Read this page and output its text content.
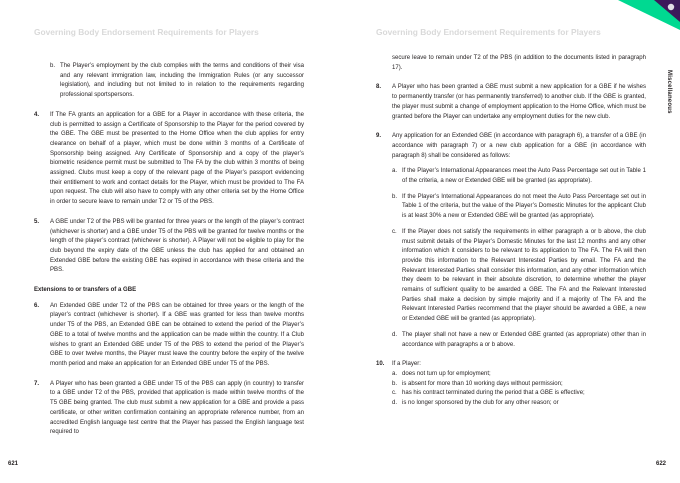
Governing Body Endorsement Requirements for Players
b. The Player’s employment by the club complies with the terms and conditions of their visa and any relevant immigration law, including the Immigration Rules (or any successor legislation), and including but not limited to in relation to the requirements regarding professional sportspersons.
4. If The FA grants an application for a GBE for a Player in accordance with these criteria, the club is permitted to assign a Certificate of Sponsorship to the Player for the period covered by the GBE. The GBE must be presented to the Home Office when the club applies for entry clearance on behalf of a player, which must be done within 3 months of a Certificate of Sponsorship being assigned. Any Certificate of Sponsorship and a copy of the player’s biometric residence permit must be submitted to The FA by the club within 3 months of being assigned. Clubs must keep a copy of the relevant page of the Player’s passport evidencing their entitlement to work and contact details for the Player, which must be provided to The FA upon request. The club will also have to comply with any other criteria set by the Home Office in order to secure leave to remain under T2 or T5 of the PBS.
5. A GBE under T2 of the PBS will be granted for three years or the length of the player’s contract (whichever is shorter) and a GBE under T5 of the PBS will be granted for twelve months or the length of the player’s contract (whichever is shorter). A Player will not be eligible to play for the club beyond the expiry date of the GBE unless the club has applied for and obtained an Extended GBE before the existing GBE has expired in accordance with these criteria and the PBS.
Extensions to or transfers of a GBE
6. An Extended GBE under T2 of the PBS can be obtained for three years or the length of the player’s contract (whichever is shorter). If a GBE was granted for less than twelve months under T5 of the PBS, an Extended GBE can be obtained to extend the period of the Player’s GBE to a total of twelve months and the application can be made within the country. If a Club wishes to grant an Extended GBE under T5 of the PBS to extend the period of the Player’s GBE to over twelve months, the Player must leave the country before the expiry of the twelve month period and make an application for an Extended GBE under T5 of the PBS.
7. A Player who has been granted a GBE under T5 of the PBS can apply (in country) to transfer to a GBE under T2 of the PBS, provided that application is made within twelve months of the T5 GBE being granted. The club must submit a new application for a GBE and provide a pass certificate, or other written confirmation containing an appropriate reference number, from an accredited English language test centre that the Player has passed the English language test required to
621
Governing Body Endorsement Requirements for Players
Miscellaneous
secure leave to remain under T2 of the PBS (in addition to the documents listed in paragraph 17).
8. A Player who has been granted a GBE must submit a new application for a GBE if he wishes to permanently transfer (or has permanently transferred) to another club. If the GBE is granted, the player must submit a change of employment application to the Home Office, which must be granted before the Player can undertake any employment duties for the new club.
9. Any application for an Extended GBE (in accordance with paragraph 6), a transfer of a GBE (in accordance with paragraph 7) or a new club application for a GBE (in accordance with paragraph 8) shall be considered as follows:
a. If the Player’s International Appearances meet the Auto Pass Percentage set out in Table 1 of the criteria, a new or Extended GBE will be granted (as appropriate).
b. If the Player’s International Appearances do not meet the Auto Pass Percentage set out in Table 1 of the criteria, but the value of the Player’s Domestic Minutes for the applicant Club is at least 30% a new or Extended GBE will be granted (as appropriate).
c. If the Player does not satisfy the requirements in either paragraph a or b above, the club must submit details of the Player’s Domestic Minutes for the last 12 months and any other information which it considers to be relevant to its application to The FA. The FA will then provide this information to the Relevant Interested Parties by email. The FA and the Relevant Interested Parties shall consider this information, and any other information which they deem to be relevant in their absolute discretion, to determine whether the player remains of sufficient quality to be awarded a GBE. The FA and the Relevant Interested Parties shall make a decision by simple majority and if a majority of The FA and the Relevant Interested Parties recommend that the player should be awarded a GBE, a new or Extended GBE will be granted (as appropriate).
d. The player shall not have a new or Extended GBE granted (as appropriate) other than in accordance with paragraphs a or b above.
10. If a Player:
a. does not turn up for employment;
b. is absent for more than 10 working days without permission;
c. has his contract terminated during the period that a GBE is effective;
d. is no longer sponsored by the club for any other reason; or
622
